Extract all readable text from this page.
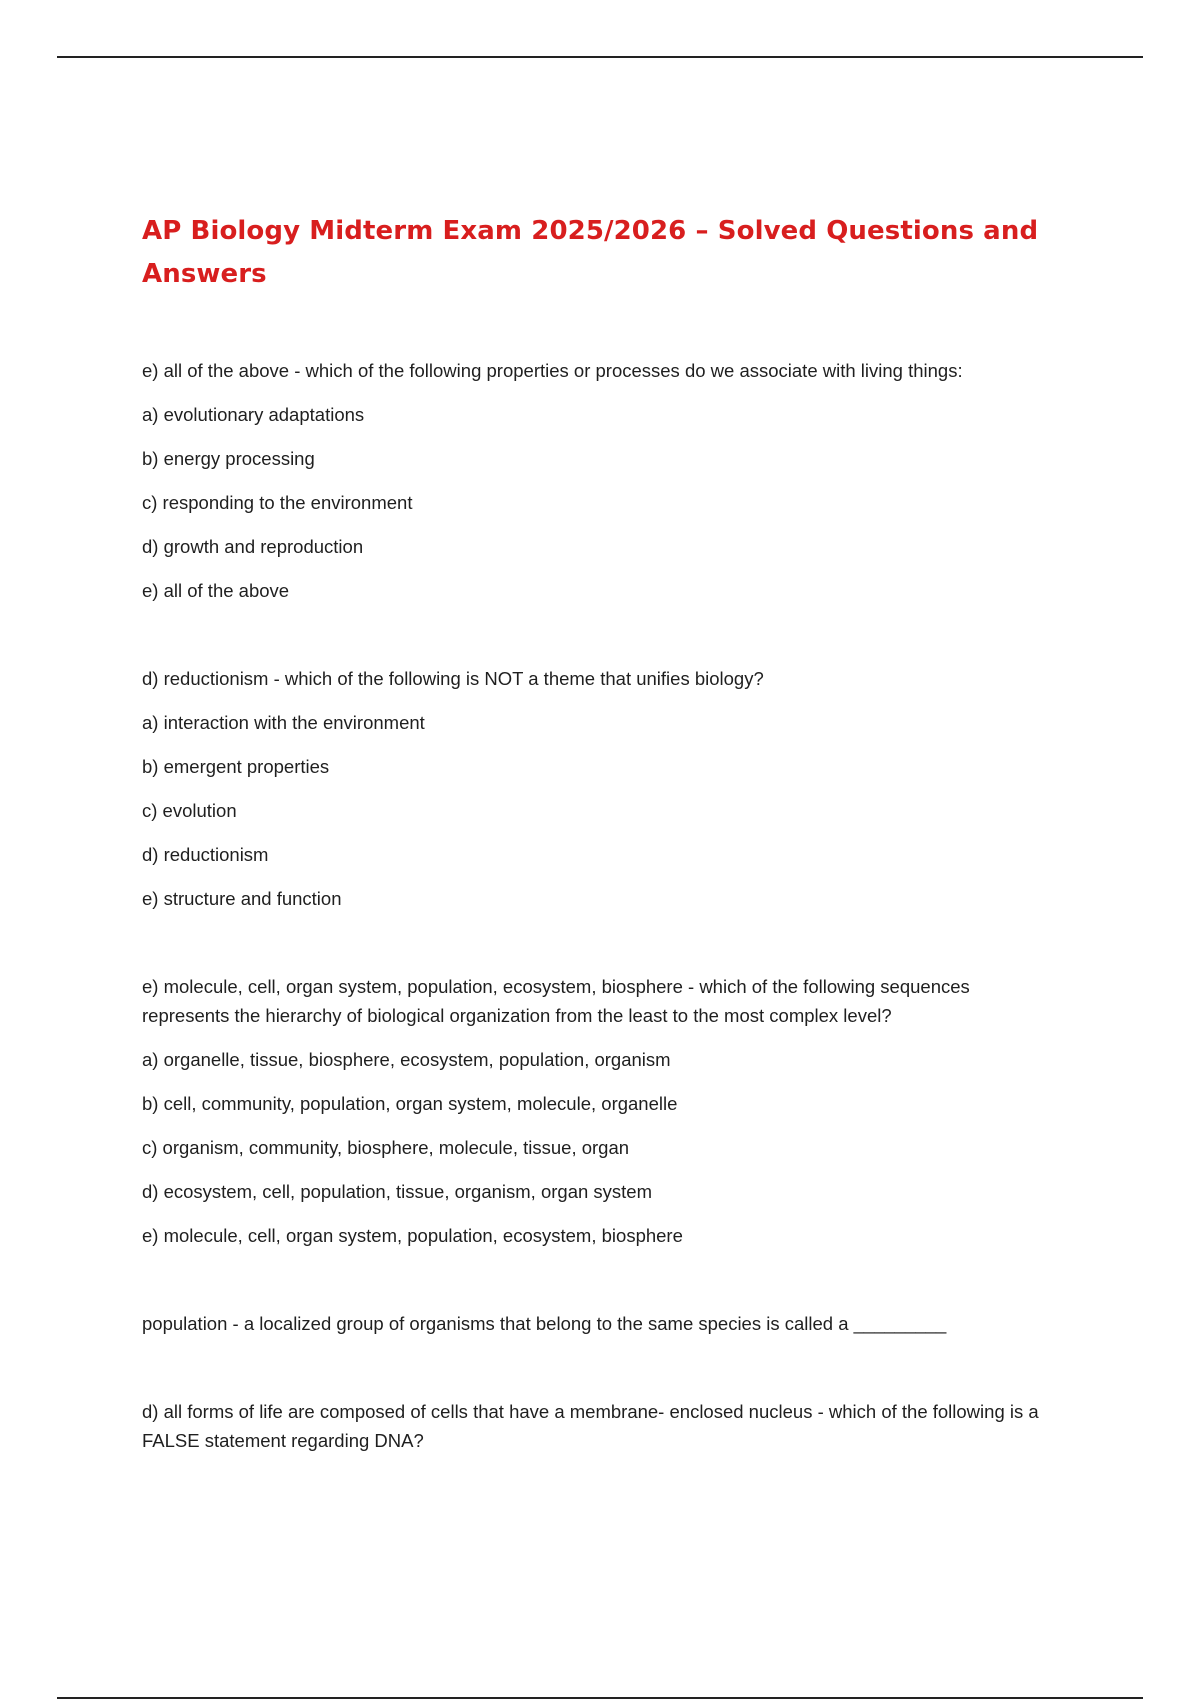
AP Biology Midterm Exam 2025/2026 – Solved Questions and Answers

e) all of the above - which of the following properties or processes do we associate with living things:

a) evolutionary adaptations

b) energy processing

c) responding to the environment

d) growth and reproduction

e) all of the above

d) reductionism - which of the following is NOT a theme that unifies biology?

a) interaction with the environment

b) emergent properties

c) evolution

d) reductionism

e) structure and function

e) molecule, cell, organ system, population, ecosystem, biosphere - which of the following sequences represents the hierarchy of biological organization from the least to the most complex level?

a) organelle, tissue, biosphere, ecosystem, population, organism

b) cell, community, population, organ system, molecule, organelle

c) organism, community, biosphere, molecule, tissue, organ

d) ecosystem, cell, population, tissue, organism, organ system

e) molecule, cell, organ system, population, ecosystem, biosphere

population - a localized group of organisms that belong to the same species is called a _________

d) all forms of life are composed of cells that have a membrane- enclosed nucleus - which of the following is a FALSE statement regarding DNA?
